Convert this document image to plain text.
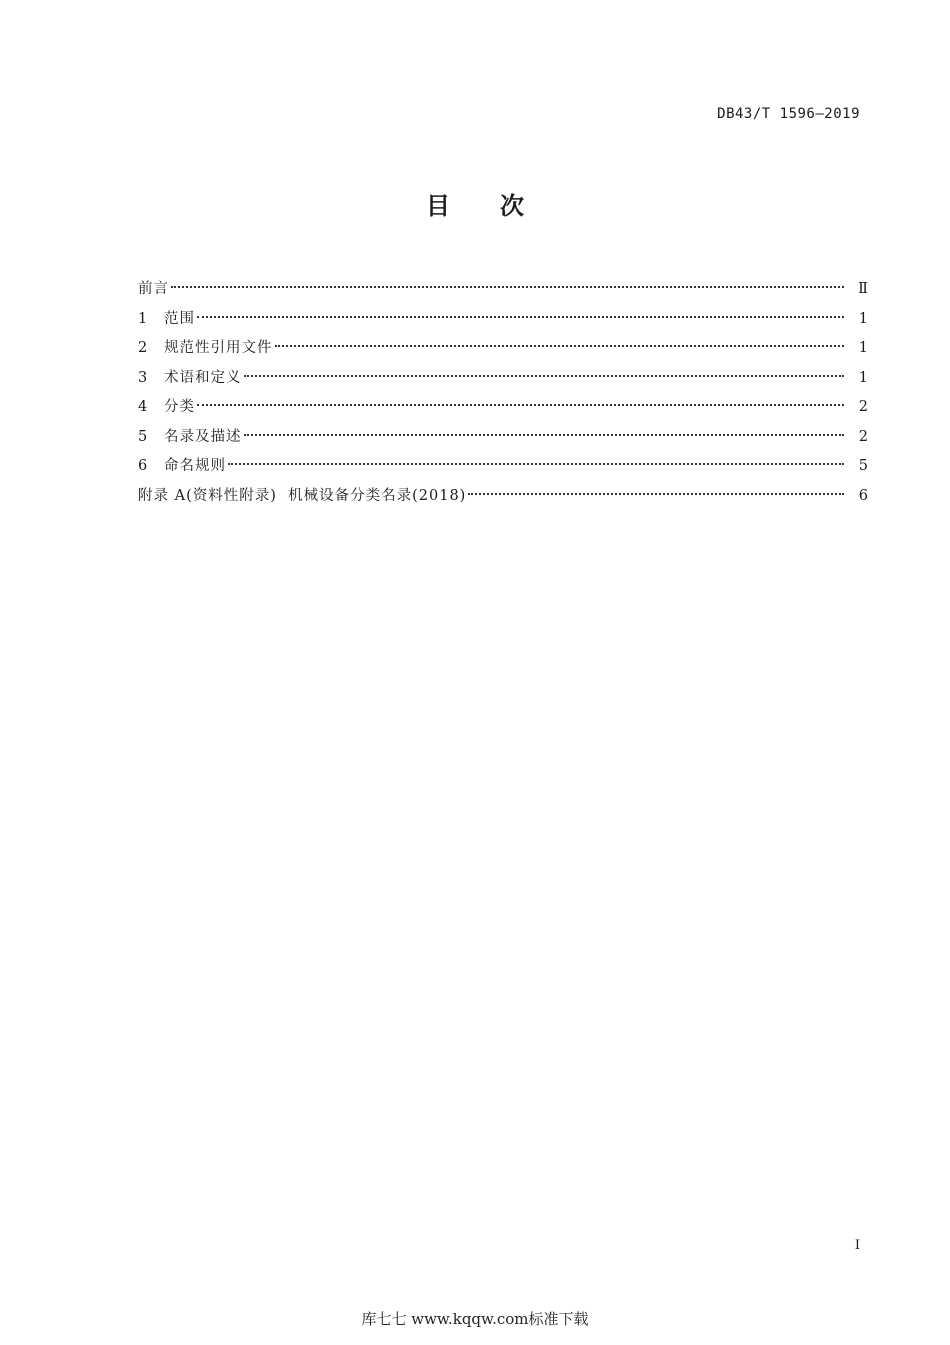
DB43/T 1596—2019
目次
前言	Ⅱ
1	范围	1
2	规范性引用文件	1
3	术语和定义	1
4	分类	2
5	名录及描述	2
6	命名规则	5
附录 A(资料性附录)  机械设备分类名录(2018)	6
I
库七七 www.kqqw.com标准下载
